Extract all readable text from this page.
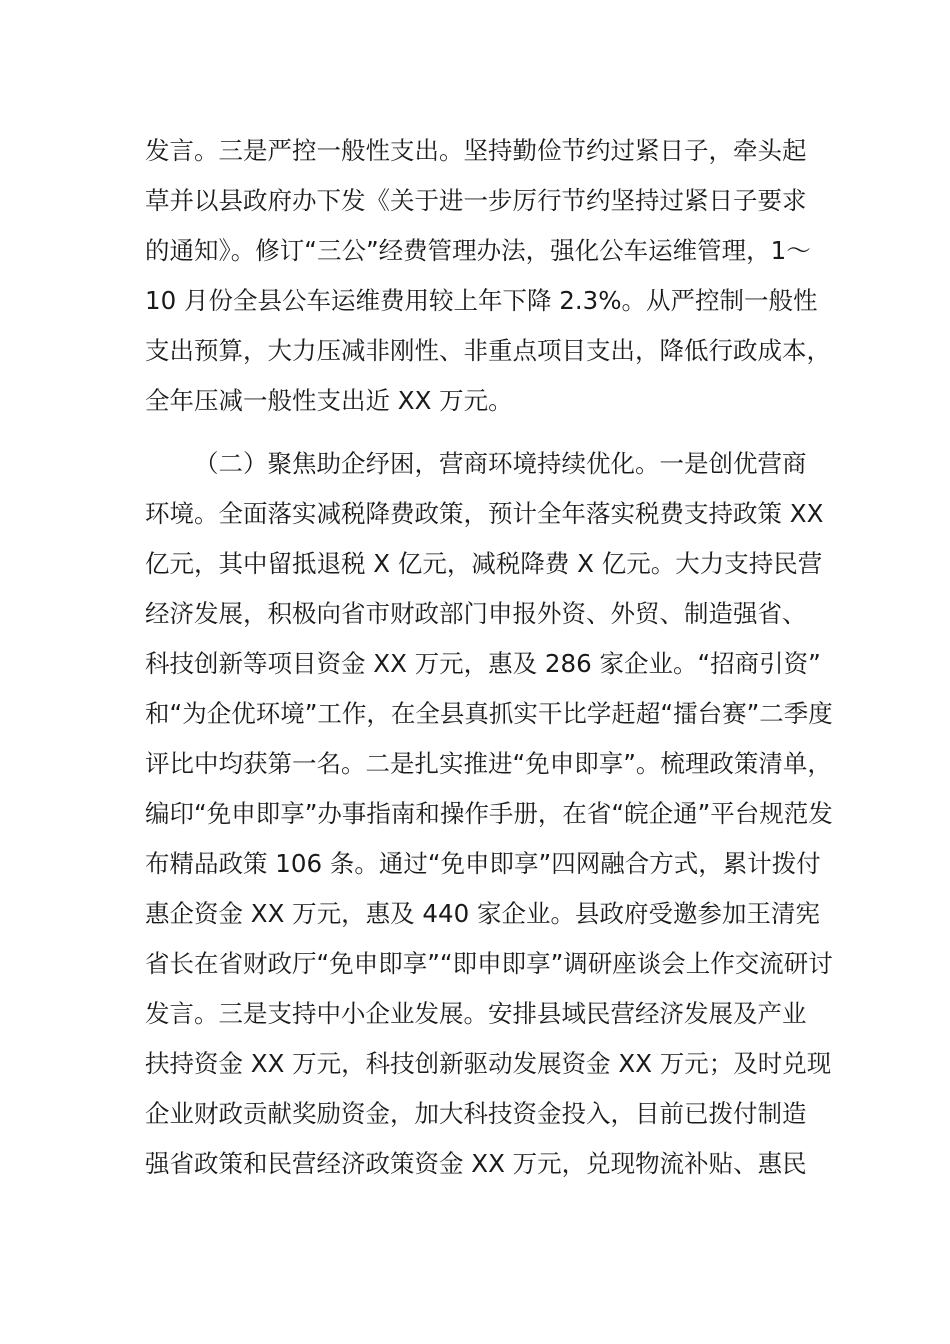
发言。三是严控一般性支出。坚持勤俭节约过紧日子，牵头起
草并以县政府办下发《关于进一步厉行节约坚持过紧日子要求
的通知》。修订“三公”经费管理办法，强化公车运维管理，1～
10 月份全县公车运维费用较上年下降 2.3%。从严控制一般性
支出预算，大力压减非刚性、非重点项目支出，降低行政成本，
全年压减一般性支出近 XX 万元。
（二）聚焦助企纾困，营商环境持续优化。一是创优营商
环境。全面落实减税降费政策，预计全年落实税费支持政策 XX
亿元，其中留抵退税 X 亿元，减税降费 X 亿元。大力支持民营
经济发展，积极向省市财政部门申报外资、外贸、制造强省、
科技创新等项目资金 XX 万元，惠及 286 家企业。“招商引资”
和“为企优环境”工作，在全县真抓实干比学赶超“擂台赛”二季度
评比中均获第一名。二是扎实推进“免申即享”。梳理政策清单，
编印“免申即享”办事指南和操作手册，在省“皖企通”平台规范发
布精品政策 106 条。通过“免申即享”四网融合方式，累计拨付
惠企资金 XX 万元，惠及 440 家企业。县政府受邀参加王清宪
省长在省财政厅“免申即享”“即申即享”调研座谈会上作交流研讨
发言。三是支持中小企业发展。安排县域民营经济发展及产业
扶持资金 XX 万元，科技创新驱动发展资金 XX 万元；及时兑现
企业财政贡献奖励资金，加大科技资金投入，目前已拨付制造
强省政策和民营经济政策资金 XX 万元，兑现物流补贴、惠民
